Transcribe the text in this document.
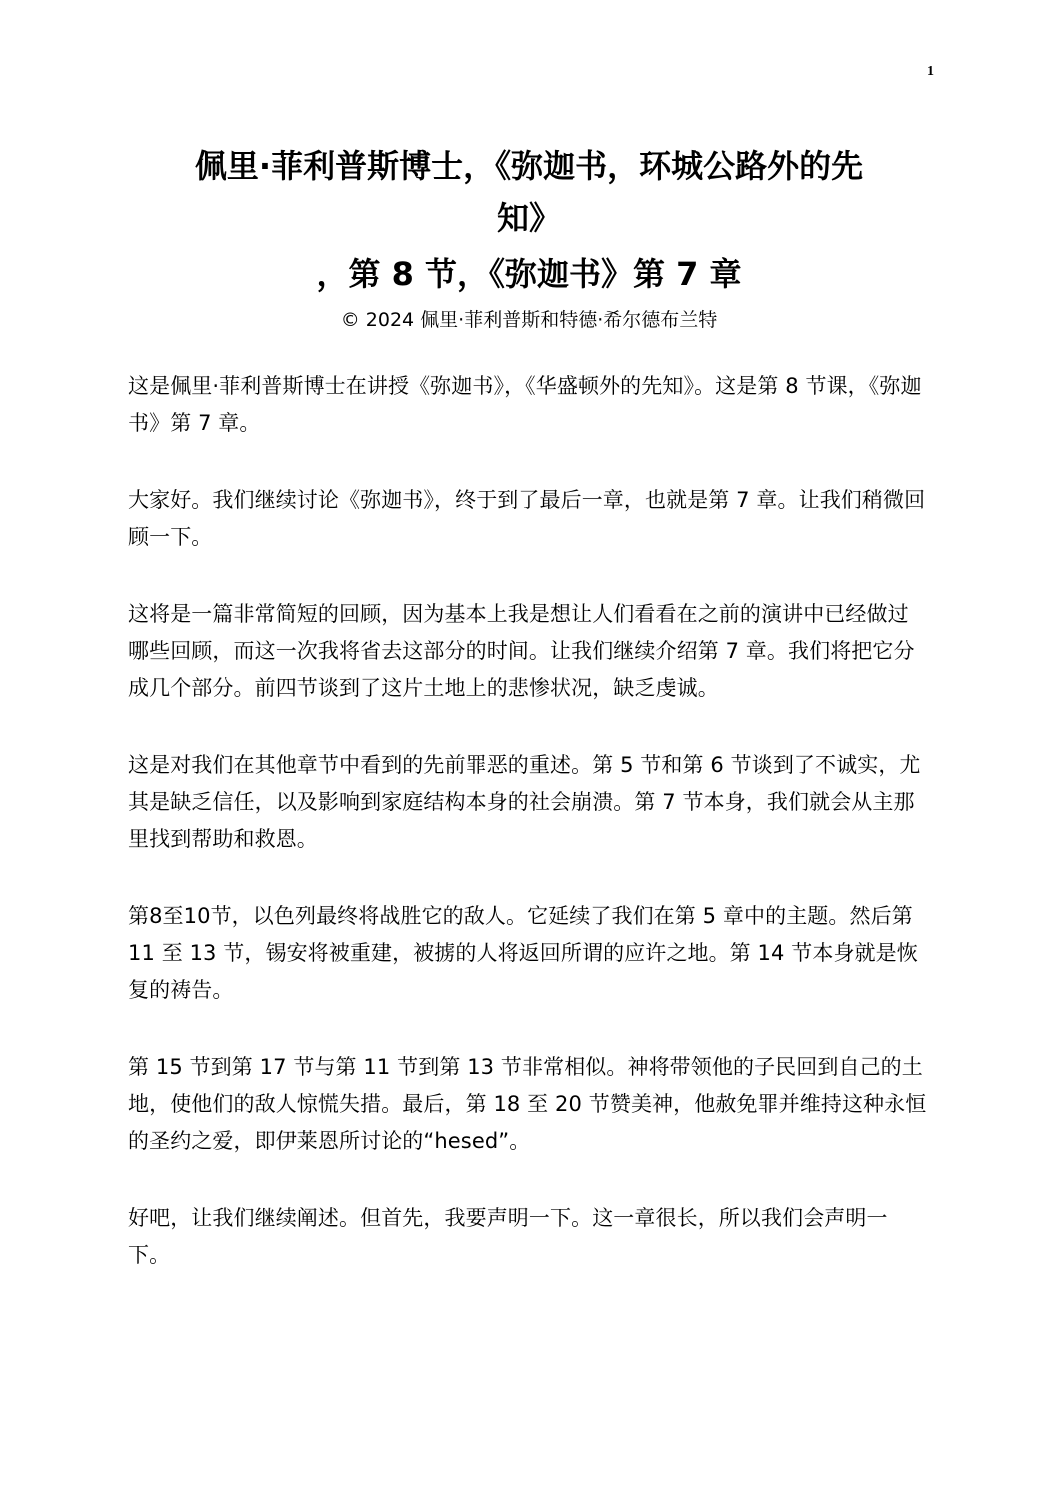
1
佩里·菲利普斯博士，《弥迦书，环城公路外的先
知》
，第 8 节，《弥迦书》第 7 章
© 2024 佩里·菲利普斯和特德·希尔德布兰特

这是佩里·菲利普斯博士在讲授《弥迦书》，《华盛顿外的先知》。这是第 8 节课，《弥迦书》第 7 章。

大家好。我们继续讨论《弥迦书》，终于到了最后一章，也就是第 7 章。让我们稍微回顾一下。

这将是一篇非常简短的回顾，因为基本上我是想让人们看看在之前的演讲中已经做过哪些回顾，而这一次我将省去这部分的时间。让我们继续介绍第 7 章。我们将把它分成几个部分。前四节谈到了这片土地上的悲惨状况，缺乏虔诚。

这是对我们在其他章节中看到的先前罪恶的重述。第 5 节和第 6 节谈到了不诚实，尤其是缺乏信任，以及影响到家庭结构本身的社会崩溃。第 7 节本身，我们就会从主那里找到帮助和救恩。

第8至10节，以色列最终将战胜它的敌人。它延续了我们在第 5 章中的主题。然后第 11 至 13 节，锡安将被重建，被掳的人将返回所谓的应许之地。第 14 节本身就是恢复的祷告。

第 15 节到第 17 节与第 11 节到第 13 节非常相似。神将带领他的子民回到自己的土地，使他们的敌人惊慌失措。最后，第 18 至 20 节赞美神，他赦免罪并维持这种永恒的圣约之爱，即伊莱恩所讨论的“hesed”。

好吧，让我们继续阐述。但首先，我要声明一下。这一章很长，所以我们会声明一下。
